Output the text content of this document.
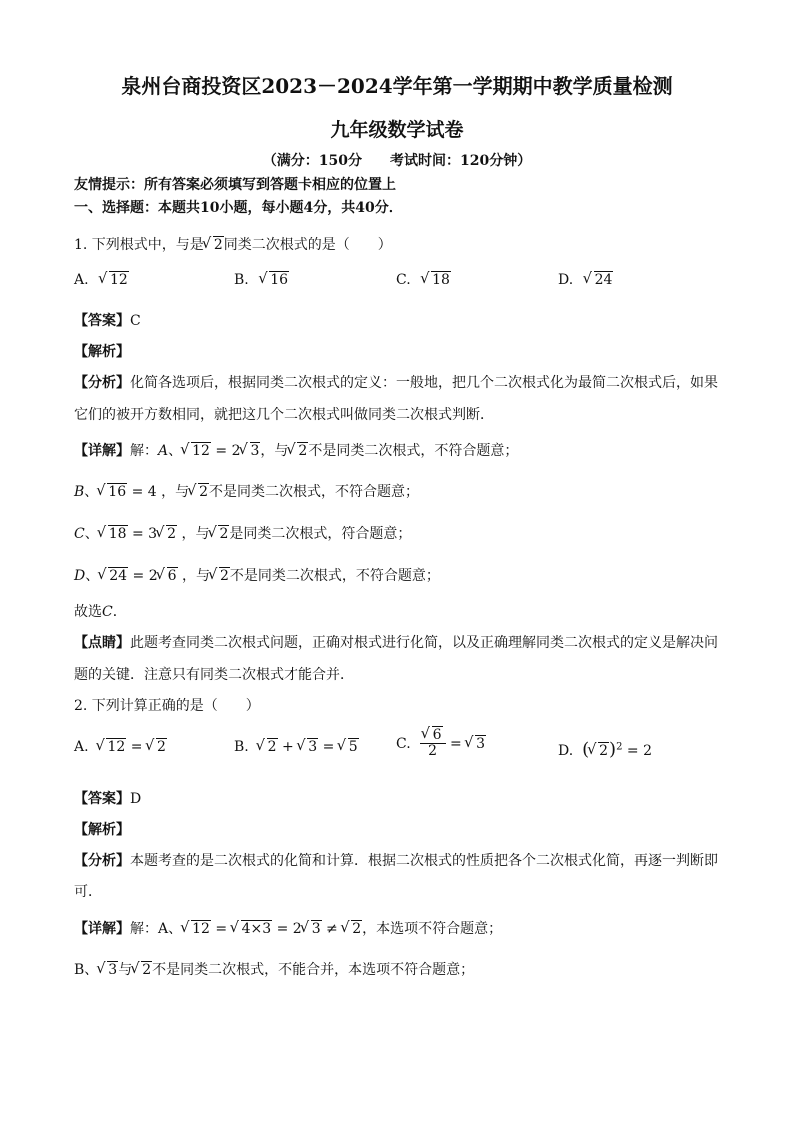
泉州台商投资区2023－2024学年第一学期期中教学质量检测
九年级数学试卷
（满分：150分　　考试时间：120分钟）
友情提示：所有答案必须填写到答题卡相应的位置上
一、选择题：本题共10小题，每小题4分，共40分．
1. 下列根式中，与是 √ 2同类二次根式的是（　　）
A. √ 12	B. √ 16	C. √ 18	D. √ 24
【答案】C
【解析】
【分析】化简各选项后，根据同类二次根式的定义：一般地，把几个二次根式化为最简二次根式后，如果
它们的被开方数相同，就把这几个二次根式叫做同类二次根式判断．
【详解】解：A、 √ 12 = 2 √ 3，与 √ 2不是同类二次根式，不符合题意；
B、 √ 16 = 4 ，与 √ 2不是同类二次根式，不符合题意；
C、 √ 18 = 3 √ 2 ，与 √ 2是同类二次根式，符合题意；
D、 √ 24 = 2 √ 6 ，与 √ 2不是同类二次根式，不符合题意；
故选C．
【点睛】此题考查同类二次根式问题，正确对根式进行化简，以及正确理解同类二次根式的定义是解决问
题的关键．注意只有同类二次根式才能合并．
2. 下列计算正确的是（　　）
A.  √ 12 = √ 2	B.  √ 2 + √ 3 = √ 5	C. √ $\frac{6}{2}$ = √ 3	D.  ( √ 2)$^2$ = 2
【答案】D
【解析】
【分析】本题考查的是二次根式的化简和计算．根据二次根式的性质把各个二次根式化简，再逐一判断即
可．
【详解】解：A、 √ 12 = √ 4×3 = 2 √ 3 ≠ √ 2，本选项不符合题意；
B、 √ 3与 √ 2不是同类二次根式，不能合并，本选项不符合题意；
